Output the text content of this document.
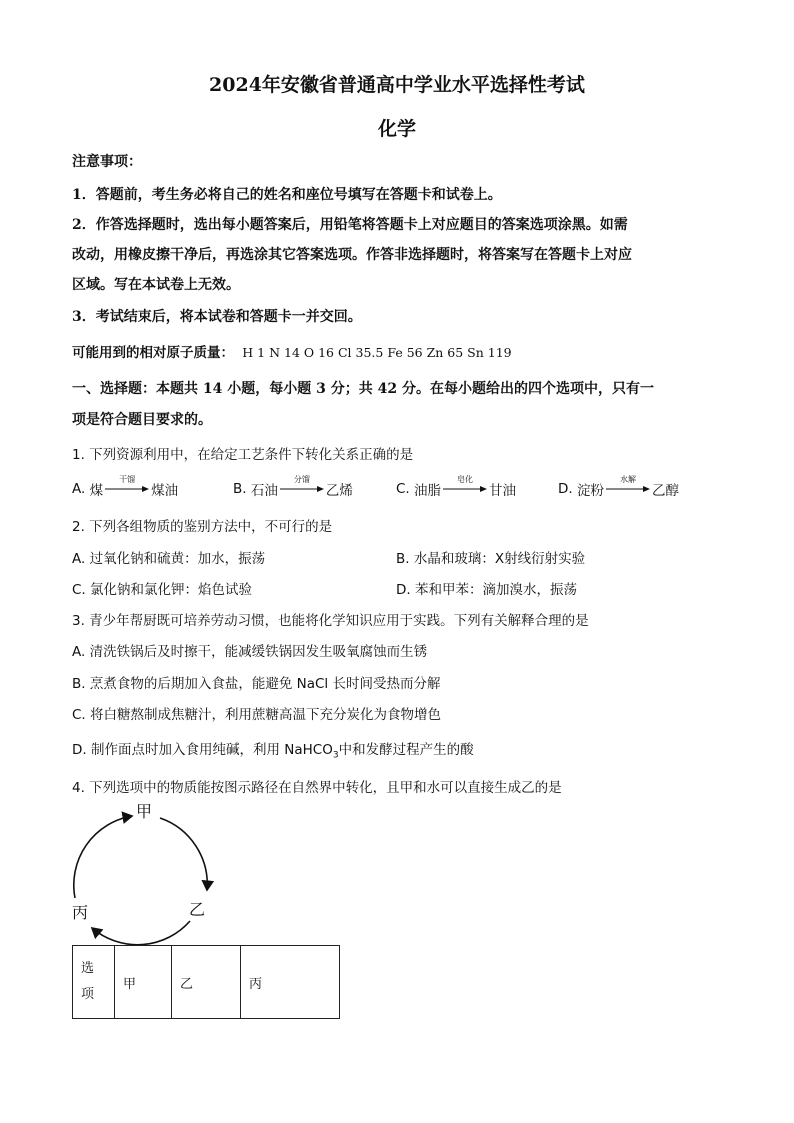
2024年安徽省普通高中学业水平选择性考试
化学
注意事项：
1．答题前，考生务必将自己的姓名和座位号填写在答题卡和试卷上。
2．作答选择题时，选出每小题答案后，用铅笔将答题卡上对应题目的答案选项涂黑。如需
改动，用橡皮擦干净后，再选涂其它答案选项。作答非选择题时，将答案写在答题卡上对应
区域。写在本试卷上无效。
3．考试结束后，将本试卷和答题卡一并交回。
可能用到的相对原子质量： H 1 N 14 O 16 Cl 35.5 Fe 56 Zn 65 Sn 119
一、选择题：本题共 14 小题，每小题 3 分；共 42 分。在每小题给出的四个选项中，只有一
项是符合题目要求的。
1. 下列资源利用中，在给定工艺条件下转化关系正确的是
A.
煤
干馏
煤油	B.
石油
分馏
乙烯	C.
油脂
皂化
甘油	D.
淀粉
水解
乙醇
2. 下列各组物质的鉴别方法中，不可行的是
A. 过氧化钠和硫黄：加水，振荡	B. 水晶和玻璃：X射线衍射实验
C. 氯化钠和氯化钾：焰色试验	D. 苯和甲苯：滴加溴水，振荡
3. 青少年帮厨既可培养劳动习惯，也能将化学知识应用于实践。下列有关解释合理的是
A. 清洗铁锅后及时擦干，能减缓铁锅因发生吸氧腐蚀而生锈
B. 烹煮食物的后期加入食盐，能避免 NaCl 长时间受热而分解
C. 将白糖熬制成焦糖汁，利用蔗糖高温下充分炭化为食物增色
D. 制作面点时加入食用纯碱，利用 NaHCO$_3$中和发酵过程产生的酸
4. 下列选项中的物质能按图示路径在自然界中转化，且甲和水可以直接生成乙的是
甲
乙
丙
选
项	甲	乙	丙
